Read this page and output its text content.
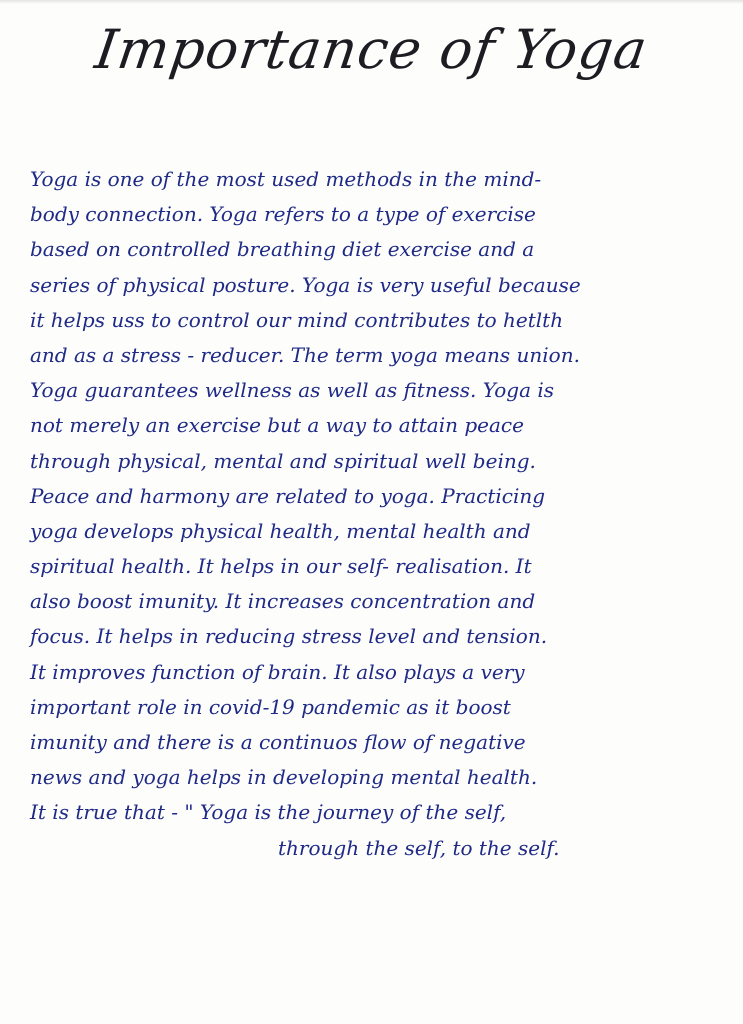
Importance of Yoga
Yoga is one of the most used methods in the mind-
body connection. Yoga refers to a type of exercise
based on controlled breathing diet exercise and a
series of physical posture. Yoga is very useful because
it helps uss to control our mind contributes to hetlth
and as a stress - reducer. The term yoga means union.
Yoga guarantees wellness as well as fitness. Yoga is
not merely an exercise but a way to attain peace
through physical, mental and spiritual well being.
Peace and harmony are related to yoga. Practicing
yoga develops physical health, mental health and
spiritual health. It helps in our self- realisation. It
also boost imunity. It increases concentration and
focus. It helps in reducing stress level and tension.
It improves function of brain. It also plays a very
important role in covid-19 pandemic as it boost
imunity and there is a continuos flow of negative
news and yoga helps in developing mental health.
It is true that - " Yoga is the journey of the self,
through the self, to the self.
